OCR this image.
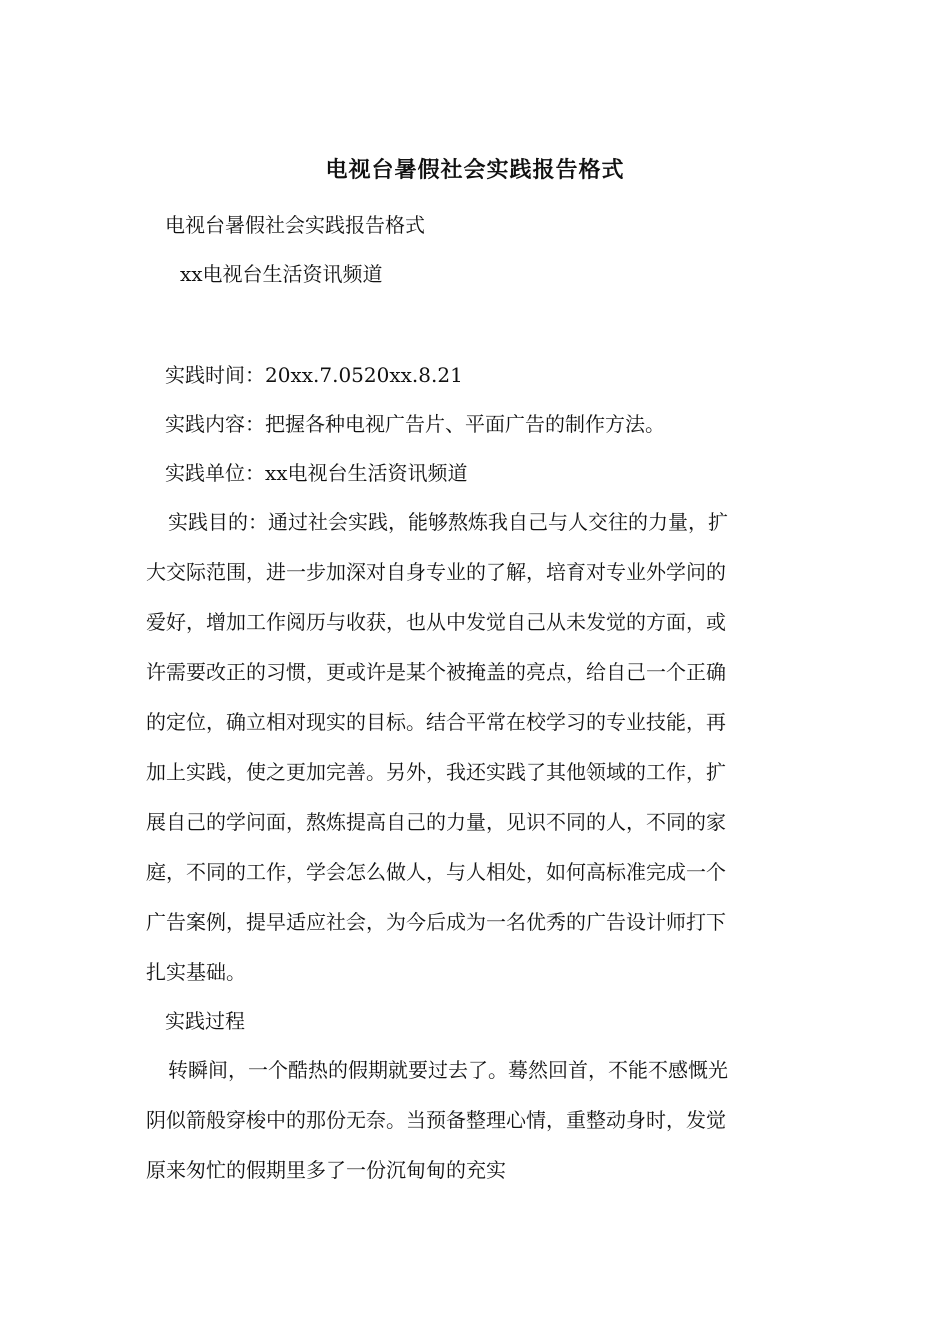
电视台暑假社会实践报告格式
电视台暑假社会实践报告格式
xx电视台生活资讯频道
实践时间：20xx.7.0520xx.8.21
实践内容：把握各种电视广告片、平面广告的制作方法。
实践单位：xx电视台生活资讯频道
实践目的：通过社会实践，能够熬炼我自己与人交往的力量，扩
大交际范围，进一步加深对自身专业的了解，培育对专业外学问的
爱好，增加工作阅历与收获，也从中发觉自己从未发觉的方面，或
许需要改正的习惯，更或许是某个被掩盖的亮点，给自己一个正确
的定位，确立相对现实的目标。结合平常在校学习的专业技能，再
加上实践，使之更加完善。另外，我还实践了其他领域的工作，扩
展自己的学问面，熬炼提高自己的力量，见识不同的人，不同的家
庭，不同的工作，学会怎么做人，与人相处，如何高标准完成一个
广告案例，提早适应社会，为今后成为一名优秀的广告设计师打下
扎实基础。
实践过程
转瞬间，一个酷热的假期就要过去了。蓦然回首，不能不感慨光
阴似箭般穿梭中的那份无奈。当预备整理心情，重整动身时，发觉
原来匆忙的假期里多了一份沉甸甸的充实
